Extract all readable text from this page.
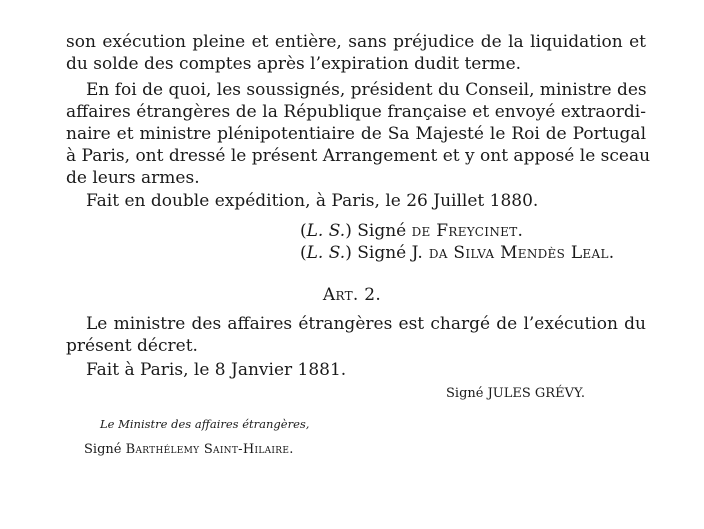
son exécution pleine et entière, sans préjudice de la liquidation et
du solde des comptes après l’expiration dudit terme.
En foi de quoi, les soussignés, président du Conseil, ministre des
affaires étrangères de la République française et envoyé extraordi-
naire et ministre plénipotentiaire de Sa Majesté le Roi de Portugal
à Paris, ont dressé le présent Arrangement et y ont apposé le sceau
de leurs armes.
Fait en double expédition, à Paris, le 26 Juillet 1880.
(L. S.) Signé de Freycinet.
(L. S.) Signé J. da Silva Mendès Leal.
Art. 2.
Le ministre des affaires étrangères est chargé de l’exécution du
présent décret.
Fait à Paris, le 8 Janvier 1881.
Signé JULES GRÉVY.
Le Ministre des affaires étrangères,
Signé Barthélemy Saint-Hilaire.
